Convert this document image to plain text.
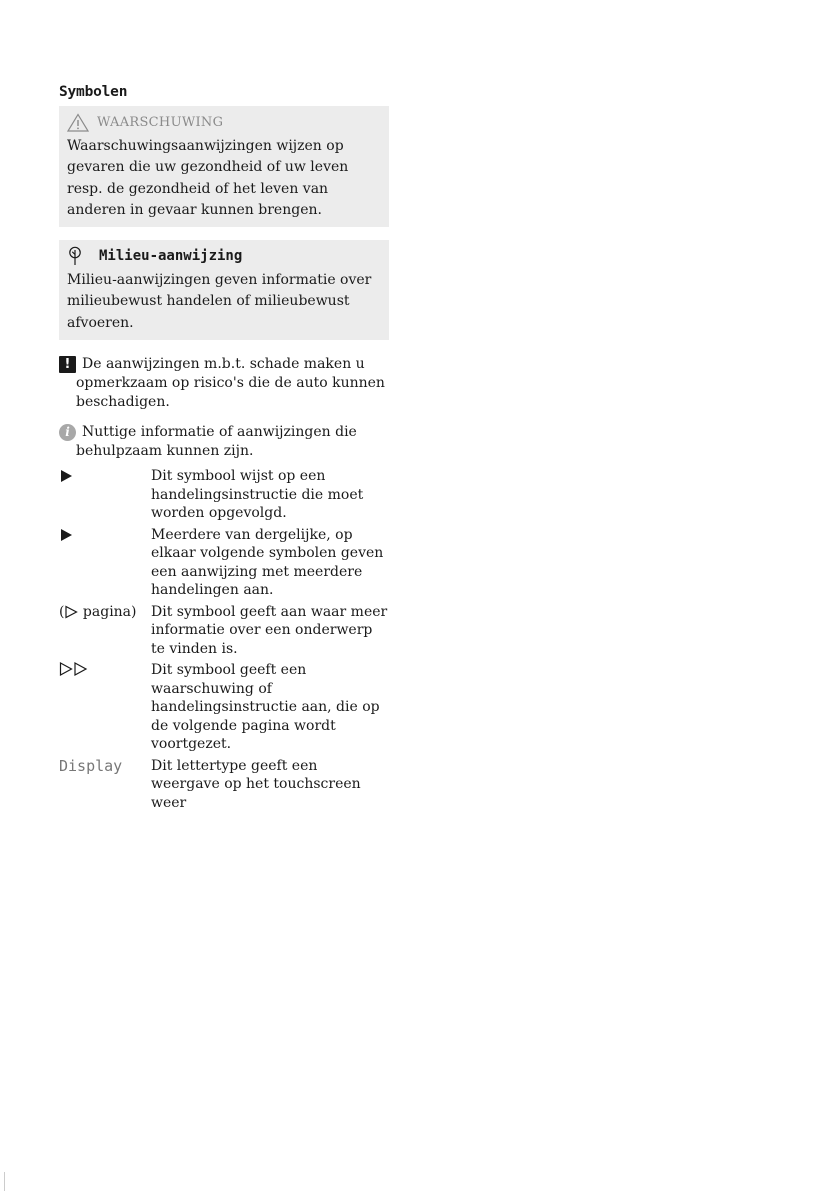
Symbolen
WAARSCHUWING
Waarschuwingsaanwijzingen wijzen op gevaren die uw gezondheid of uw leven resp. de gezondheid of het leven van anderen in gevaar kunnen brengen.
Milieu-aanwijzing
Milieu-aanwijzingen geven informatie over milieubewust handelen of milieubewust afvoeren.
! De aanwijzingen m.b.t. schade maken u
opmerkzaam op risico's die de auto kunnen beschadigen.
i Nuttige informatie of aanwijzingen die
behulpzaam kunnen zijn.
Dit symbool wijst op een handelingsinstructie die moet worden opgevolgd.
Meerdere van dergelijke, op elkaar volgende symbolen geven een aanwijzing met meerdere handelingen aan.
( pagina)	Dit symbool geeft aan waar meer informatie over een onderwerp te vinden is.
Dit symbool geeft een waarschuwing of handelingsinstructie aan, die op de volgende pagina wordt voortgezet.
Display	Dit lettertype geeft een weergave op het touchscreen weer
